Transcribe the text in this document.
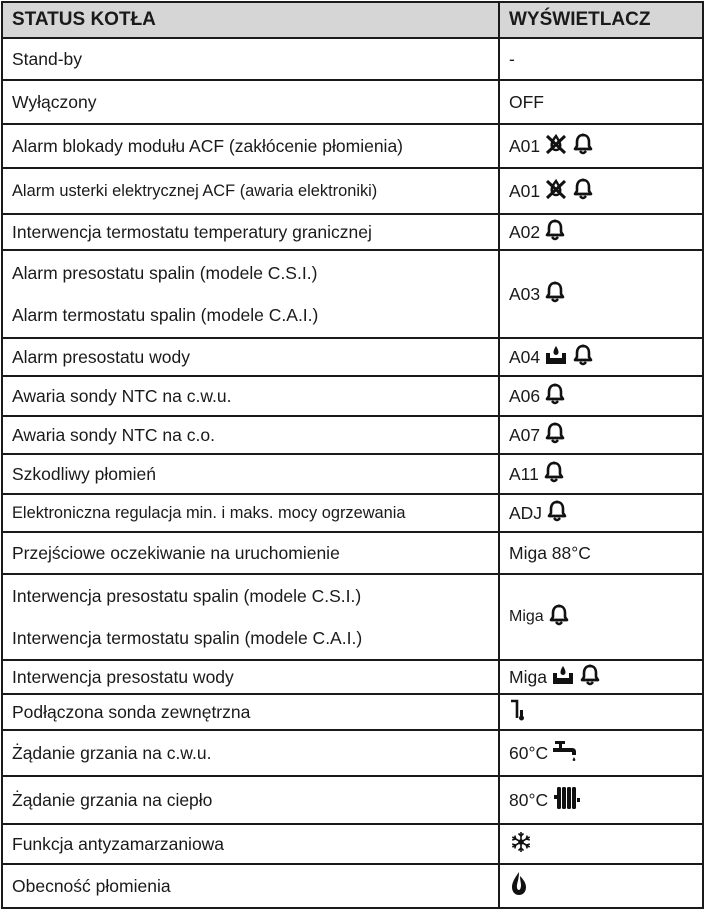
STATUS KOTŁA	WYŚWIETLACZ

Stand-by	-

Wyłączony	OFF

Alarm blokady modułu ACF (zakłócenie płomienia)	A01

Alarm usterki elektrycznej ACF (awaria elektroniki)	A01

Interwencja termostatu temperatury granicznej	A02

Alarm presostatu spalin (modele C.S.I.)
Alarm termostatu spalin (modele C.A.I.)	A03

Alarm presostatu wody	A04

Awaria sondy NTC na c.w.u.	A06

Awaria sondy NTC na c.o.	A07

Szkodliwy płomień	A11

Elektroniczna regulacja min. i maks. mocy ogrzewania	ADJ

Przejściowe oczekiwanie na uruchomienie	Miga 88°C

Interwencja presostatu spalin (modele C.S.I.)
Interwencja termostatu spalin (modele C.A.I.)	Miga

Interwencja presostatu wody	Miga

Podłączona sonda zewnętrzna

Żądanie grzania na c.w.u.	60°C

Żądanie grzania na ciepło	80°C

Funkcja antyzamarzaniowa

Obecność płomienia
